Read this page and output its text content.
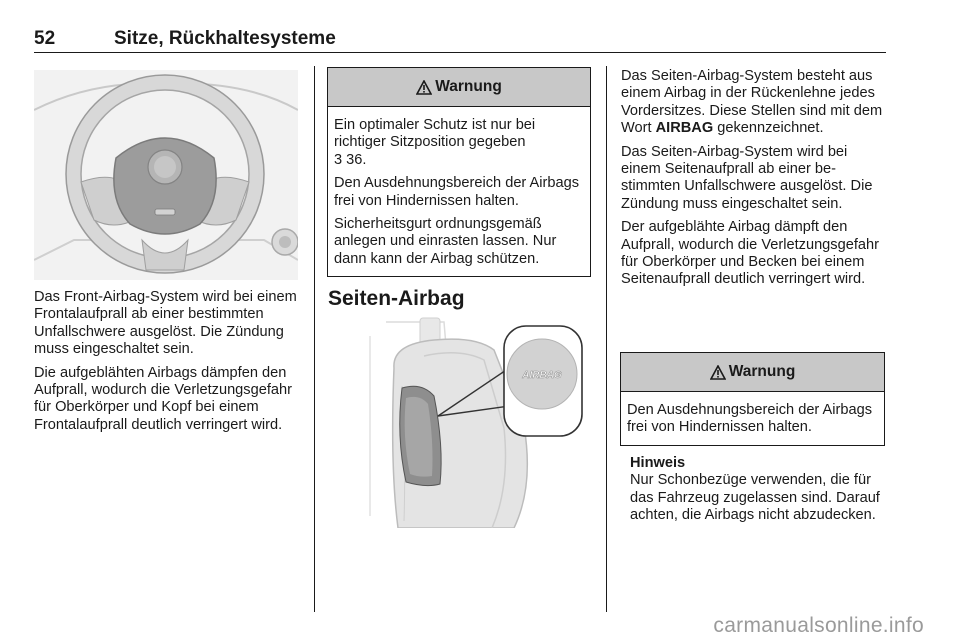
52	Sitze, Rückhaltesysteme

Das Front-Airbag-System wird bei einem Frontalaufprall ab einer bestimmten Unfallschwere ausgelöst. Die Zündung muss eingeschaltet sein.

Die aufgeblähten Airbags dämpfen den Aufprall, wodurch die Verletzungsgefahr für Oberkörper und Kopf bei einem Frontalaufprall deutlich verringert wird.

Warnung

Ein optimaler Schutz ist nur bei richtiger Sitzposition gegeben
3 36.

Den Ausdehnungsbereich der Airbags frei von Hindernissen halten.

Sicherheitsgurt ordnungsgemäß anlegen und einrasten lassen. Nur dann kann der Airbag schützen.

Seiten-Airbag
AIRBAG

Das Seiten-Airbag-System besteht aus einem Airbag in der Rückenlehne jedes Vordersitzes. Diese Stellen sind mit dem Wort AIRBAG gekennzeichnet.

Das Seiten-Airbag-System wird bei einem Seitenaufprall ab einer bestimmten Unfallschwere ausgelöst. Die Zündung muss eingeschaltet sein.

Der aufgeblähte Airbag dämpft den Aufprall, wodurch die Verletzungsgefahr für Oberkörper und Becken bei einem Seitenaufprall deutlich verringert wird.

Warnung

Den Ausdehnungsbereich der Airbags frei von Hindernissen halten.

Hinweis
Nur Schonbezüge verwenden, die für das Fahrzeug zugelassen sind. Darauf achten, die Airbags nicht abzudecken.

carmanualsonline.info
